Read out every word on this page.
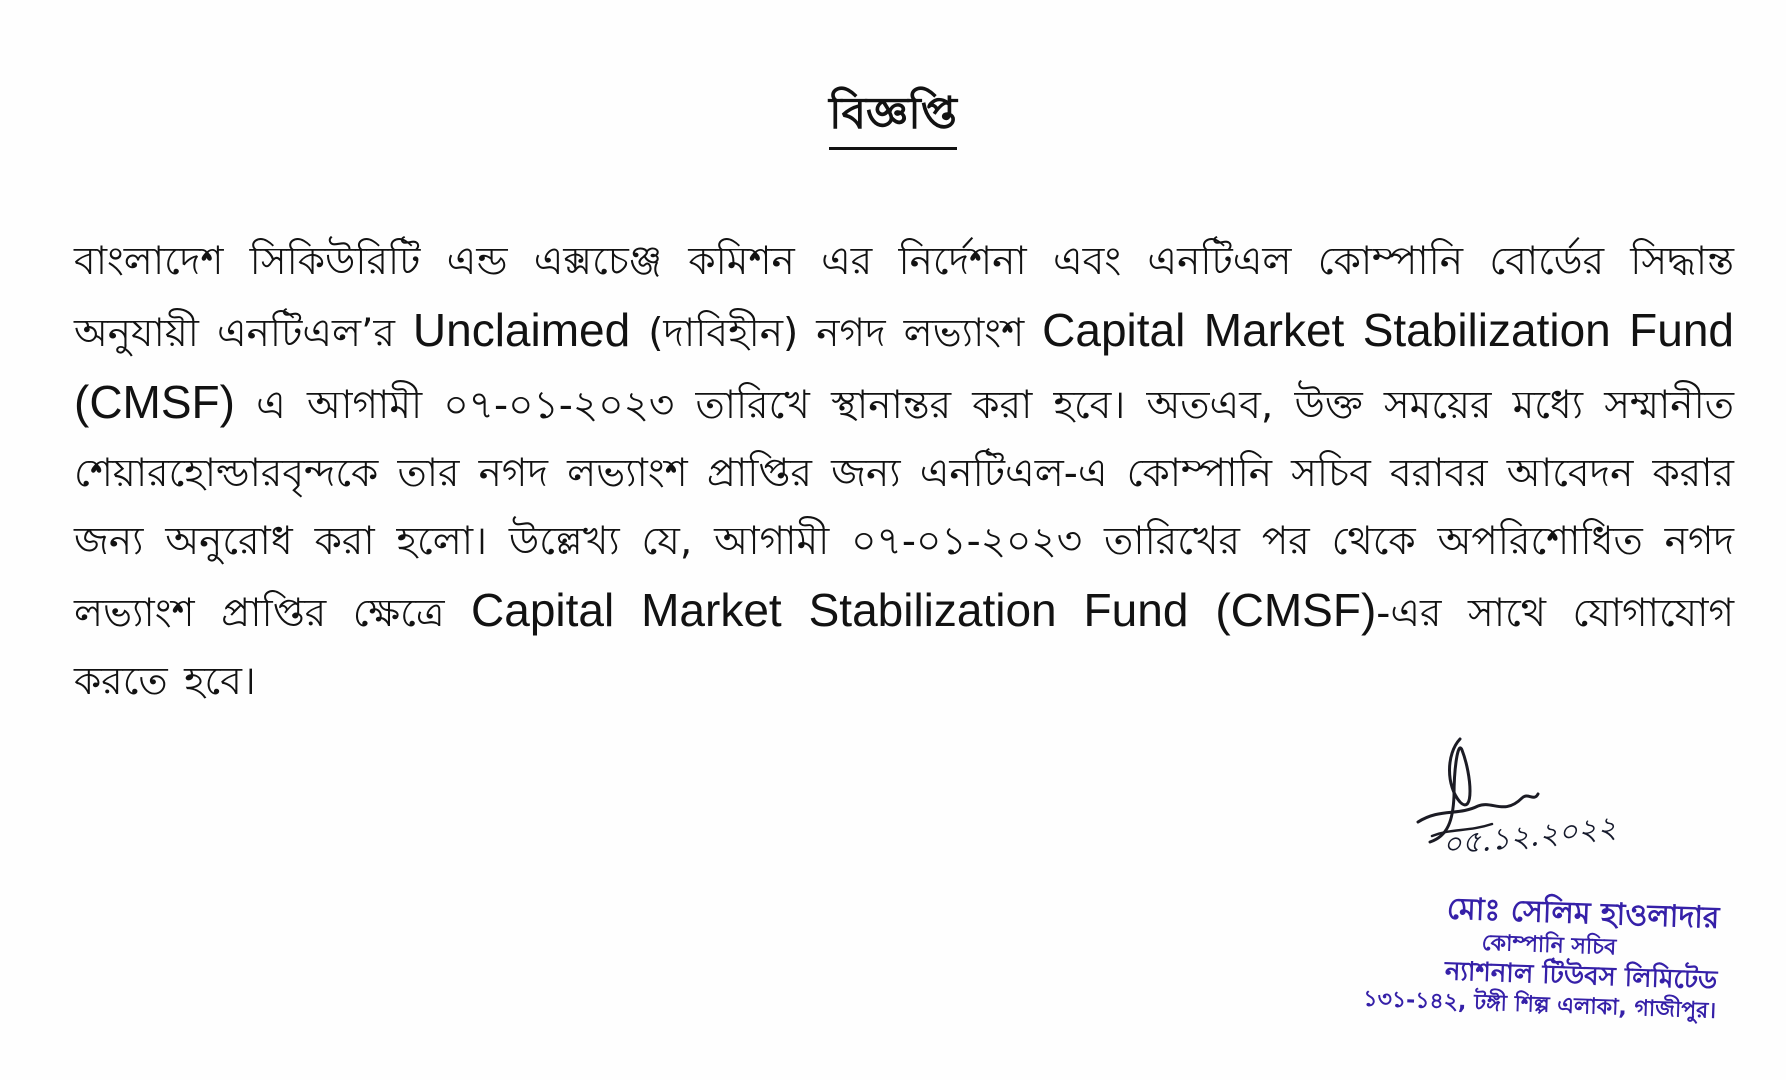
বিজ্ঞপ্তি
বাংলাদেশ সিকিউরিটি এন্ড এক্সচেঞ্জ কমিশন এর নির্দেশনা এবং এনটিএল কোম্পানি বোর্ডের সিদ্ধান্ত অনুযায়ী এনটিএল’র Unclaimed (দাবিহীন) নগদ লভ্যাংশ Capital Market Stabilization Fund (CMSF) এ আগামী ০৭-০১-২০২৩ তারিখে স্থানান্তর করা হবে। অতএব, উক্ত সময়ের মধ্যে সম্মানীত শেয়ারহোল্ডারবৃন্দকে তার নগদ লভ্যাংশ প্রাপ্তির জন্য এনটিএল-এ কোম্পানি সচিব বরাবর আবেদন করার জন্য অনুরোধ করা হলো। উল্লেখ্য যে, আগামী ০৭-০১-২০২৩ তারিখের পর থেকে অপরিশোধিত নগদ লভ্যাংশ প্রাপ্তির ক্ষেত্রে Capital Market Stabilization Fund (CMSF)-এর সাথে যোগাযোগ করতে হবে।
০৫.১২.২০২২
মোঃ সেলিম হাওলাদার
কোম্পানি সচিব
ন্যাশনাল টিউবস লিমিটেড
১৩১-১৪২, টঙ্গী শিল্প এলাকা, গাজীপুর।
